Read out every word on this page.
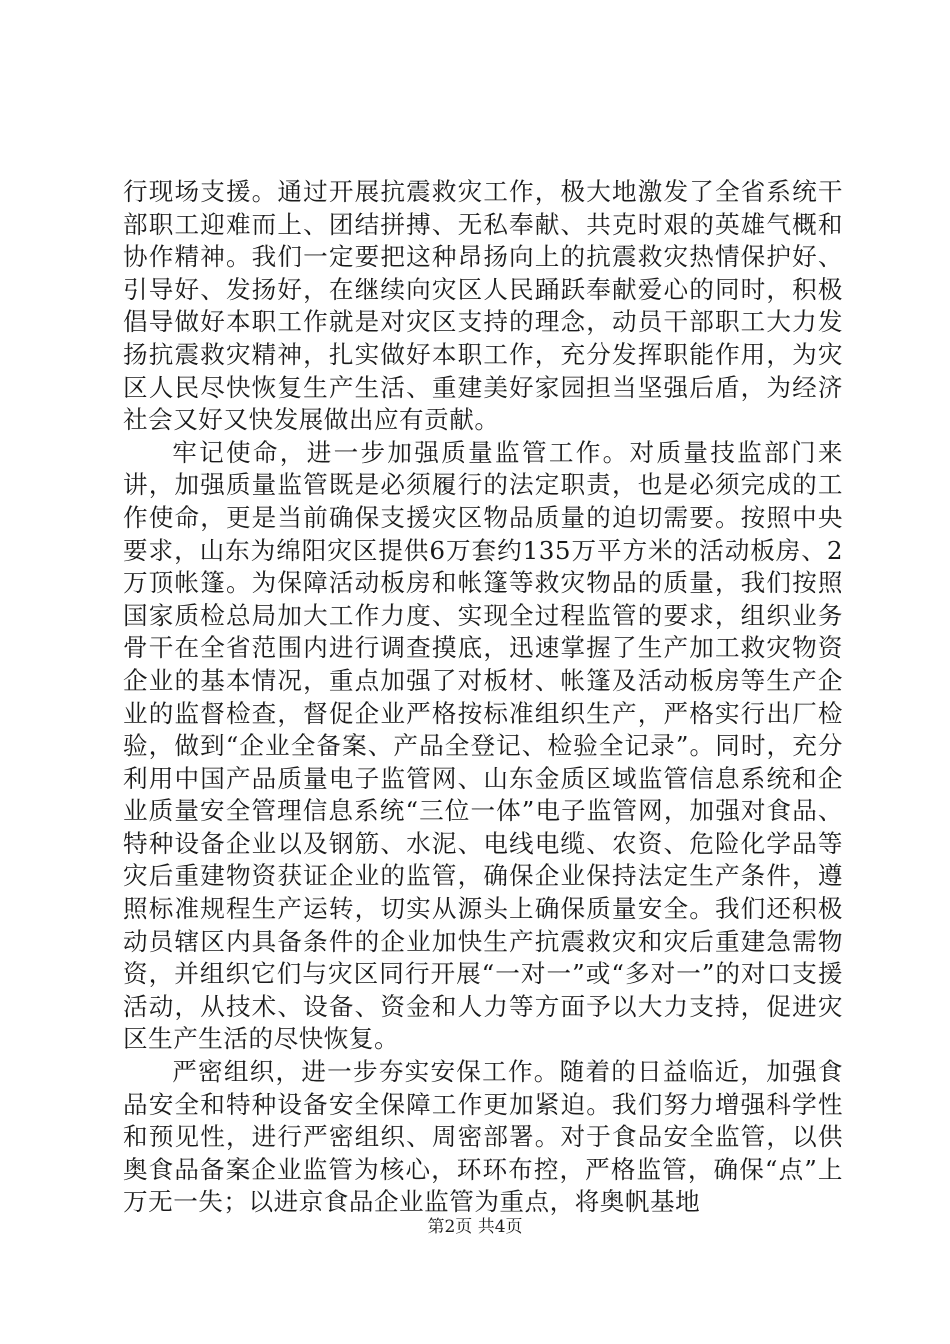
行现场支援。通过开展抗震救灾工作，极大地激发了全省系统干部职工迎难而上、团结拼搏、无私奉献、共克时艰的英雄气概和协作精神。我们一定要把这种昂扬向上的抗震救灾热情保护好、引导好、发扬好，在继续向灾区人民踊跃奉献爱心的同时，积极倡导做好本职工作就是对灾区支持的理念，动员干部职工大力发扬抗震救灾精神，扎实做好本职工作，充分发挥职能作用，为灾区人民尽快恢复生产生活、重建美好家园担当坚强后盾，为经济社会又好又快发展做出应有贡献。

牢记使命，进一步加强质量监管工作。对质量技监部门来讲，加强质量监管既是必须履行的法定职责，也是必须完成的工作使命，更是当前确保支援灾区物品质量的迫切需要。按照中央要求，山东为绵阳灾区提供6万套约135万平方米的活动板房、2万顶帐篷。为保障活动板房和帐篷等救灾物品的质量，我们按照国家质检总局加大工作力度、实现全过程监管的要求，组织业务骨干在全省范围内进行调查摸底，迅速掌握了生产加工救灾物资企业的基本情况，重点加强了对板材、帐篷及活动板房等生产企业的监督检查，督促企业严格按标准组织生产，严格实行出厂检验，做到“企业全备案、产品全登记、检验全记录”。同时，充分利用中国产品质量电子监管网、山东金质区域监管信息系统和企业质量安全管理信息系统“三位一体”电子监管网，加强对食品、特种设备企业以及钢筋、水泥、电线电缆、农资、危险化学品等灾后重建物资获证企业的监管，确保企业保持法定生产条件，遵照标准规程生产运转，切实从源头上确保质量安全。我们还积极动员辖区内具备条件的企业加快生产抗震救灾和灾后重建急需物资，并组织它们与灾区同行开展“一对一”或“多对一”的对口支援活动，从技术、设备、资金和人力等方面予以大力支持，促进灾区生产生活的尽快恢复。

严密组织，进一步夯实安保工作。随着的日益临近，加强食品安全和特种设备安全保障工作更加紧迫。我们努力增强科学性和预见性，进行严密组织、周密部署。对于食品安全监管，以供奥食品备案企业监管为核心，环环布控，严格监管，确保“点”上万无一失；以进京食品企业监管为重点，将奥帆基地

第2页 共4页
